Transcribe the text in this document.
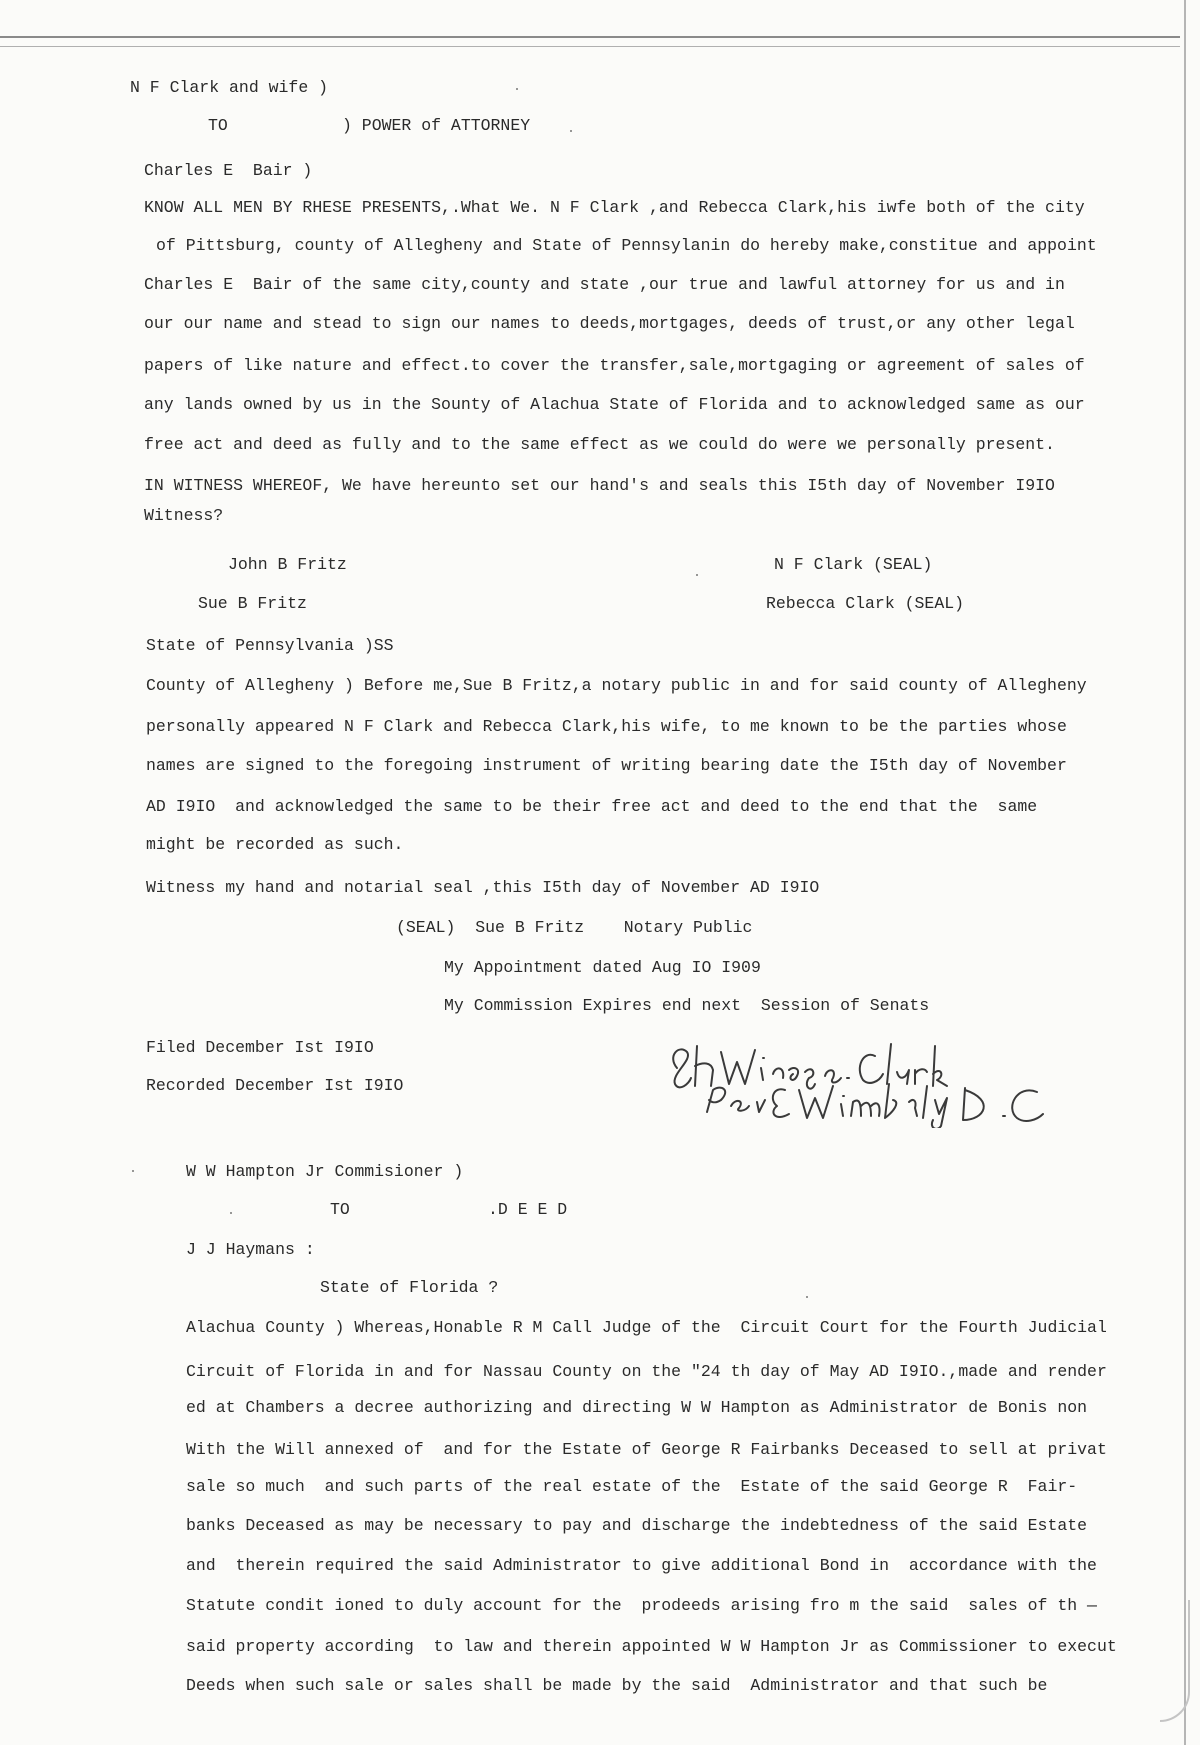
N F Clark and wife )
TO	) POWER of ATTORNEY
Charles E  Bair )
KNOW ALL MEN BY RHESE PRESENTS,.What We. N F Clark ,and Rebecca Clark,his iwfe both of the city
of Pittsburg, county of Allegheny and State of Pennsylanin do hereby make,constitue and appoint
Charles E  Bair of the same city,county and state ,our true and lawful attorney for us and in
our our name and stead to sign our names to deeds,mortgages, deeds of trust,or any other legal
papers of like nature and effect.to cover the transfer,sale,mortgaging or agreement of sales of
any lands owned by us in the Sounty of Alachua State of Florida and to acknowledged same as our
free act and deed as fully and to the same effect as we could do were we personally present.
IN WITNESS WHEREOF, We have hereunto set our hand's and seals this I5th day of November I9IO
Witness?
John B Fritz
Sue B Fritz
N F Clark (SEAL)
Rebecca Clark (SEAL)
State of Pennsylvania )SS
County of Allegheny ) Before me,Sue B Fritz,a notary public in and for said county of Allegheny
personally appeared N F Clark and Rebecca Clark,his wife, to me known to be the parties whose
names are signed to the foregoing instrument of writing bearing date the I5th day of November
AD I9IO  and acknowledged the same to be their free act and deed to the end that the  same
might be recorded as such.
Witness my hand and notarial seal ,this I5th day of November AD I9IO
(SEAL)  Sue B Fritz    Notary Public
My Appointment dated Aug IO I909
My Commission Expires end next  Session of Senats
Filed December Ist I9IO
Recorded December Ist I9IO
W W Hampton Jr Commisioner )
TO	.D E E D
J J Haymans :
State of Florida ?
Alachua County ) Whereas,Honable R M Call Judge of the  Circuit Court for the Fourth Judicial
Circuit of Florida in and for Nassau County on the "24 th day of May AD I9IO.,made and render
ed at Chambers a decree authorizing and directing W W Hampton as Administrator de Bonis non
With the Will annexed of  and for the Estate of George R Fairbanks Deceased to sell at privat
sale so much  and such parts of the real estate of the  Estate of the said George R  Fair-
banks Deceased as may be necessary to pay and discharge the indebtedness of the said Estate
and  therein required the said Administrator to give additional Bond in  accordance with the
Statute condit ioned to duly account for the  prodeeds arising fro m the said  sales of th —
said property according  to law and therein appointed W W Hampton Jr as Commissioner to execut
Deeds when such sale or sales shall be made by the said  Administrator and that such be
